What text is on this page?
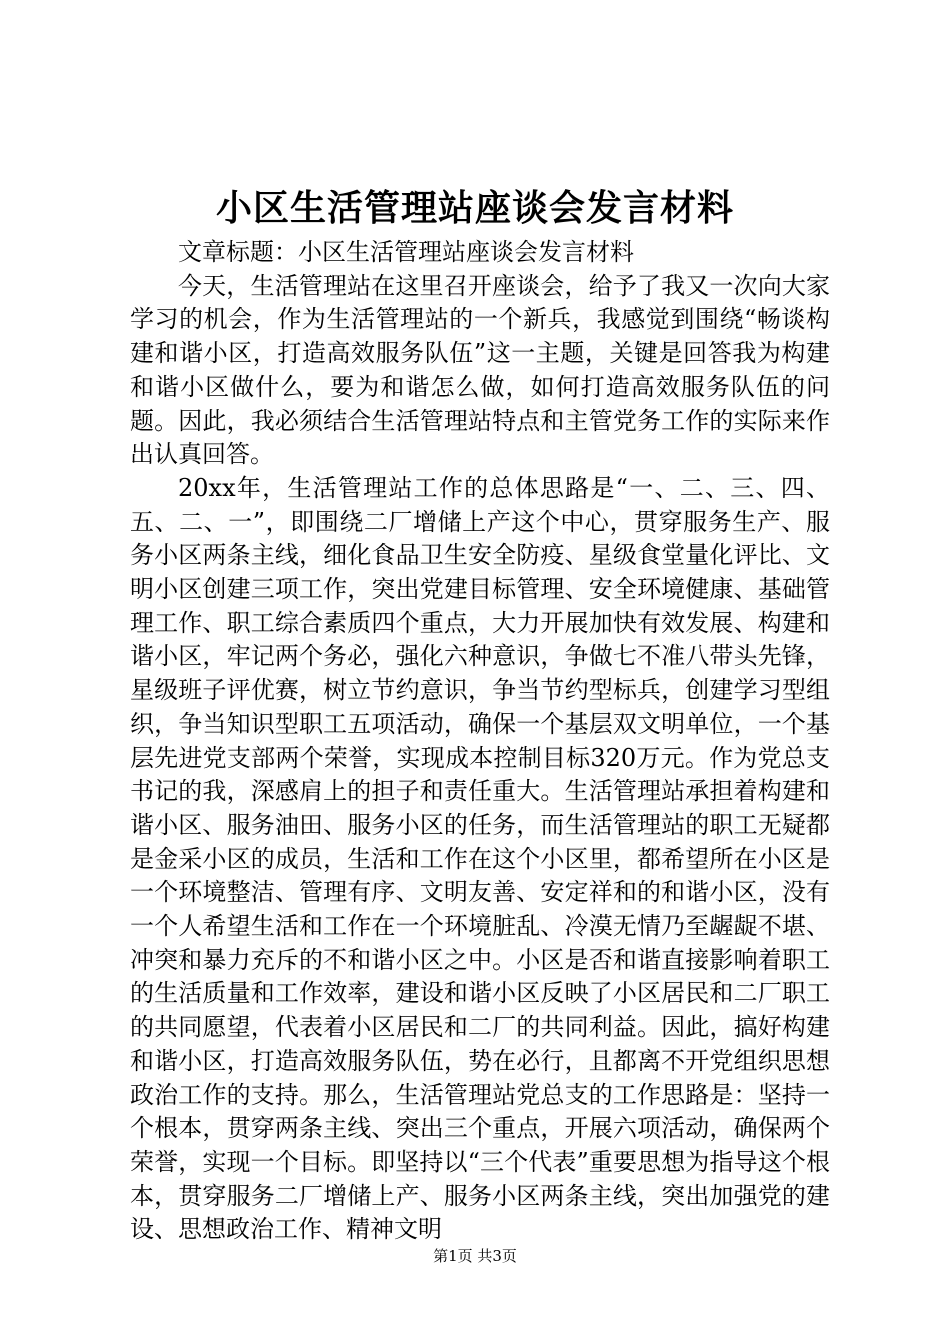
小区生活管理站座谈会发言材料

文章标题：小区生活管理站座谈会发言材料

今天，生活管理站在这里召开座谈会，给予了我又一次向大家学习的机会，作为生活管理站的一个新兵，我感觉到围绕“畅谈构建和谐小区，打造高效服务队伍”这一主题，关键是回答我为构建和谐小区做什么，要为和谐怎么做，如何打造高效服务队伍的问题。因此，我必须结合生活管理站特点和主管党务工作的实际来作出认真回答。

20xx年，生活管理站工作的总体思路是“一、二、三、四、五、二、一”，即围绕二厂增储上产这个中心，贯穿服务生产、服务小区两条主线，细化食品卫生安全防疫、星级食堂量化评比、文明小区创建三项工作，突出党建目标管理、安全环境健康、基础管理工作、职工综合素质四个重点，大力开展加快有效发展、构建和谐小区，牢记两个务必，强化六种意识，争做七不准八带头先锋，星级班子评优赛，树立节约意识，争当节约型标兵，创建学习型组织，争当知识型职工五项活动，确保一个基层双文明单位，一个基层先进党支部两个荣誉，实现成本控制目标320万元。作为党总支书记的我，深感肩上的担子和责任重大。生活管理站承担着构建和谐小区、服务油田、服务小区的任务，而生活管理站的职工无疑都是金采小区的成员，生活和工作在这个小区里，都希望所在小区是一个环境整洁、管理有序、文明友善、安定祥和的和谐小区，没有一个人希望生活和工作在一个环境脏乱、冷漠无情乃至龌龊不堪、冲突和暴力充斥的不和谐小区之中。小区是否和谐直接影响着职工的生活质量和工作效率，建设和谐小区反映了小区居民和二厂职工的共同愿望，代表着小区居民和二厂的共同利益。因此，搞好构建和谐小区，打造高效服务队伍，势在必行，且都离不开党组织思想政治工作的支持。那么，生活管理站党总支的工作思路是：坚持一个根本，贯穿两条主线、突出三个重点，开展六项活动，确保两个荣誉，实现一个目标。即坚持以“三个代表”重要思想为指导这个根本，贯穿服务二厂增储上产、服务小区两条主线，突出加强党的建设、思想政治工作、精神文明

第1页 共3页
